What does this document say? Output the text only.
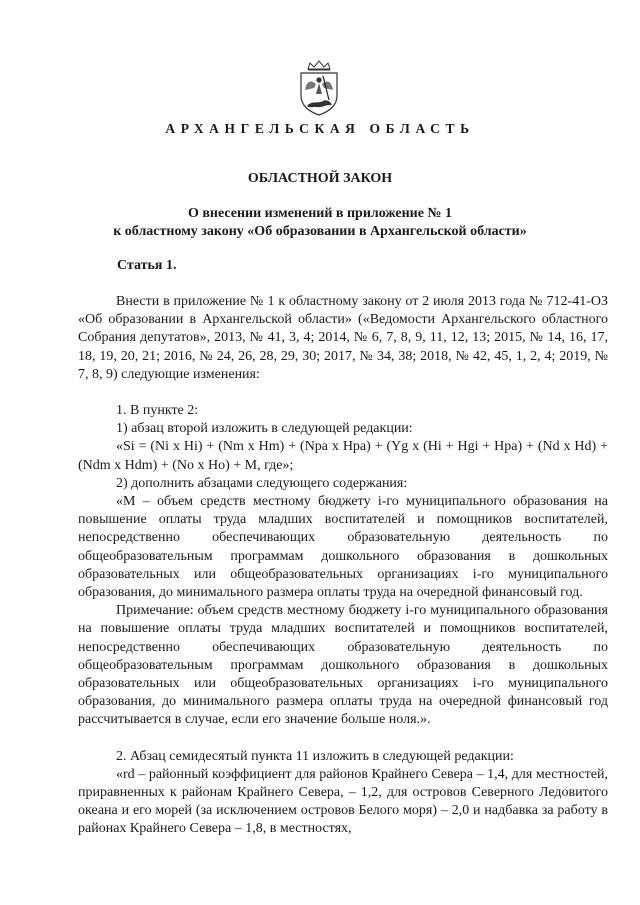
АРХАНГЕЛЬСКАЯ ОБЛАСТЬ
ОБЛАСТНОЙ ЗАКОН
О внесении изменений в приложение № 1
к областному закону «Об образовании в Архангельской области»
Статья 1.

Внести в приложение № 1 к областному закону от 2 июля 2013 года № 712-41-ОЗ «Об образовании в Архангельской области» («Ведомости Архангельского областного Собрания депутатов», 2013, № 41, 3, 4; 2014, № 6, 7, 8, 9, 11, 12, 13; 2015, № 14, 16, 17, 18, 19, 20, 21; 2016, № 24, 26, 28, 29, 30; 2017, № 34, 38; 2018, № 42, 45, 1, 2, 4; 2019, № 7, 8, 9) следующие изменения:

1. В пункте 2:

1) абзац второй изложить в следующей редакции:

«Si = (Ni x Hi) + (Nm x Hm) + (Npa x Hpa) + (Yg x (Hi + Hgi + Hpa) + (Nd x Hd) + (Ndm x Hdm) + (No x Ho) + M, где»;

2) дополнить абзацами следующего содержания:

«M – объем средств местному бюджету i-го муниципального образования на повышение оплаты труда младших воспитателей и помощников воспитателей, непосредственно обеспечивающих образовательную деятельность по общеобразовательным программам дошкольного образования в дошкольных образовательных или общеобразовательных организациях i-го муниципального образования, до минимального размера оплаты труда на очередной финансовый год.

Примечание: объем средств местному бюджету i-го муниципального образования на повышение оплаты труда младших воспитателей и помощников воспитателей, непосредственно обеспечивающих образовательную деятельность по общеобразовательным программам дошкольного образования в дошкольных образовательных или общеобразовательных организациях i-го муниципального образования, до минимального размера оплаты труда на очередной финансовый год рассчитывается в случае, если его значение больше ноля.».

2. Абзац семидесятый пункта 11 изложить в следующей редакции:

«rd – районный коэффициент для районов Крайнего Севера – 1,4, для местностей, приравненных к районам Крайнего Севера, – 1,2, для островов Северного Ледовитого океана и его морей (за исключением островов Белого моря) – 2,0 и надбавка за работу в районах Крайнего Севера – 1,8, в местностях,
